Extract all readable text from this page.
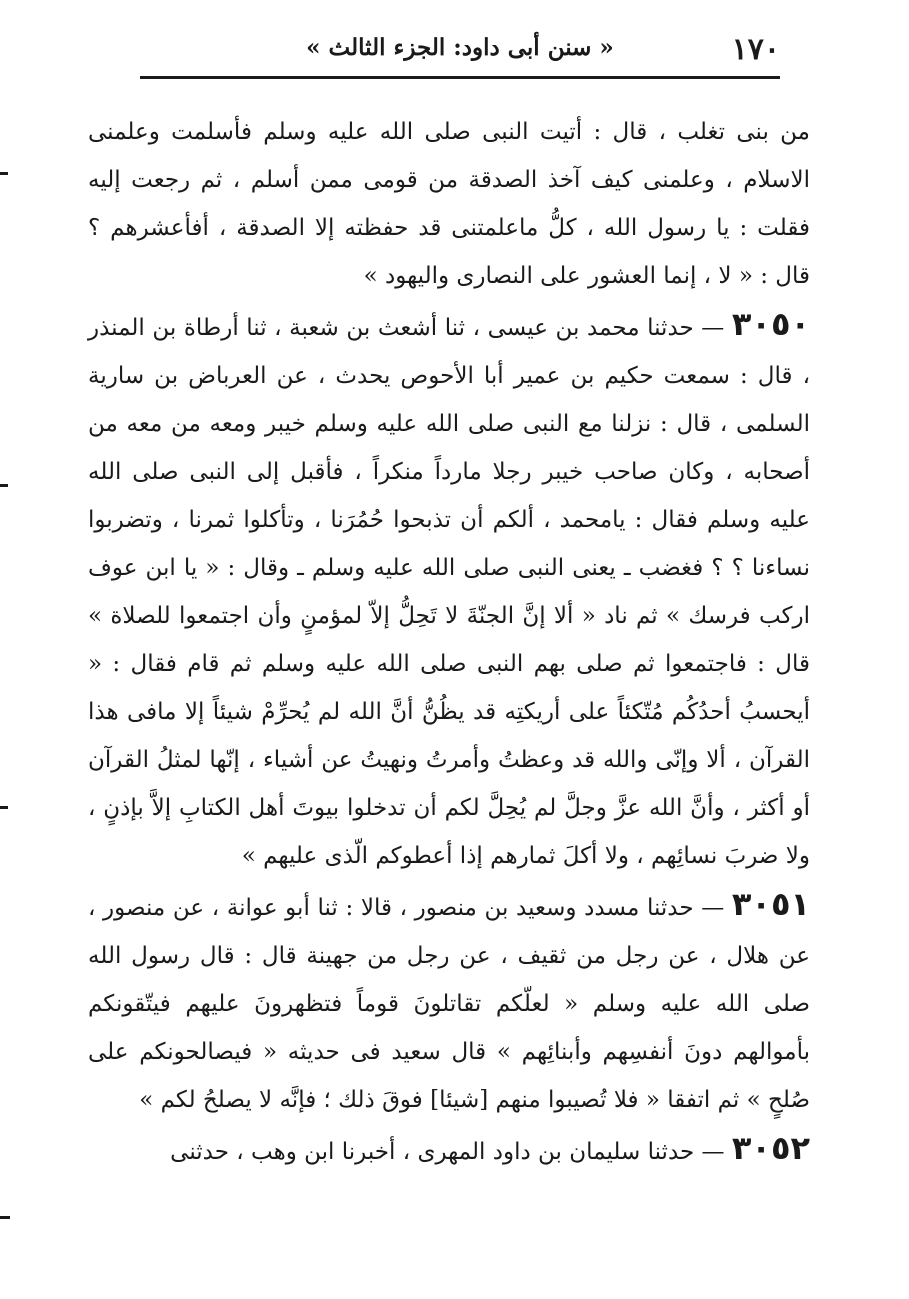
١٧٠
« سنن أبى داود: الجزء الثالث »

من بنى تغلب ، قال : أتيت النبى صلى الله عليه وسلم فأسلمت وعلمنى الاسلام ، وعلمنى كيف آخذ الصدقة من قومى ممن أسلم ، ثم رجعت إليه فقلت : يا رسول الله ، كلُّ ماعلمتنى قد حفظته إلا الصدقة ، أفأعشرهم ؟ قال : « لا ، إنما العشور على النصارى واليهود »

٣٠٥٠ — حدثنا محمد بن عيسى ، ثنا أشعث بن شعبة ، ثنا أرطاة بن المنذر ، قال : سمعت حكيم بن عمير أبا الأحوص يحدث ، عن العرباض بن سارية السلمى ، قال : نزلنا مع النبى صلى الله عليه وسلم خيبر ومعه من معه من أصحابه ، وكان صاحب خيبر رجلا مارداً منكراً ، فأقبل إلى النبى صلى الله عليه وسلم فقال : يامحمد ، ألكم أن تذبحوا حُمُرَنا ، وتأكلوا ثمرنا ، وتضربوا نساءنا ؟ ؟ فغضب ـ يعنى النبى صلى الله عليه وسلم ـ وقال : « يا ابن عوف اركب فرسك » ثم ناد « ألا إنَّ الجنّةَ لا تَحِلُّ إلاّ لمؤمنٍ وأن اجتمعوا للصلاة » قال : فاجتمعوا ثم صلى بهم النبى صلى الله عليه وسلم ثم قام فقال : « أيحسبُ أحدُكُم مُتّكئاً على أريكتِه قد يظُنُّ أنَّ الله لم يُحرِّمْ شيئاً إلا مافى هذا القرآن ، ألا وإنّى والله قد وعظتُ وأمرتُ ونهيتُ عن أشياء ، إنّها لمثلُ القرآن أو أكثر ، وأنَّ الله عزَّ وجلَّ لم يُحِلَّ لكم أن تدخلوا بيوتَ أهل الكتابِ إلاَّ بإذنٍ ، ولا ضربَ نسائِهم ، ولا أكلَ ثمارهم إذا أعطوكم الّذى عليهم »

٣٠٥١ — حدثنا مسدد وسعيد بن منصور ، قالا : ثنا أبو عوانة ، عن منصور ، عن هلال ، عن رجل من ثقيف ، عن رجل من جهينة قال : قال رسول الله صلى الله عليه وسلم « لعلّكم تقاتلونَ قوماً فتظهرونَ عليهم فيتّقونكم بأموالهم دونَ أنفسِهم وأبنائِهم » قال سعيد فى حديثه « فيصالحونكم على صُلحٍ » ثم اتفقا « فلا تُصيبوا منهم [شيئا] فوقَ ذلك ؛ فإنَّه لا يصلحُ لكم »

٣٠٥٢ — حدثنا سليمان بن داود المهرى ، أخبرنا ابن وهب ، حدثنى
